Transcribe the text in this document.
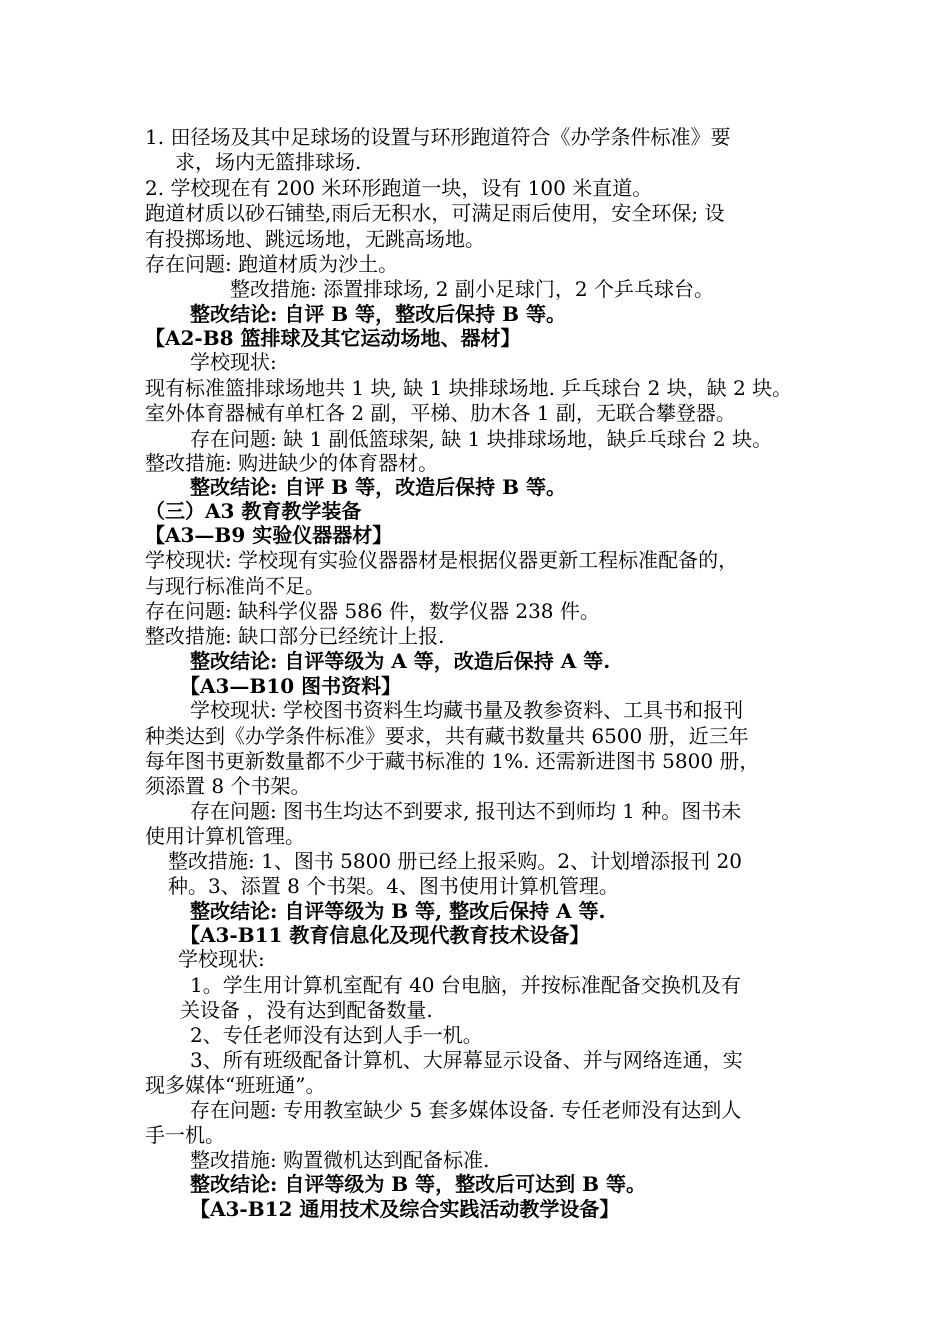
1. 田径场及其中足球场的设置与环形跑道符合《办学条件标准》要
求，场内无篮排球场.
2. 学校现在有 200 米环形跑道一块，设有 100 米直道。
跑道材质以砂石铺垫,雨后无积水，可满足雨后使用，安全环保; 设
有投掷场地、跳远场地，无跳高场地。
存在问题: 跑道材质为沙土。
整改措施: 添置排球场, 2 副小足球门，2 个乒乓球台。
整改结论: 自评 B 等，整改后保持 B 等。
【A2-B8 篮排球及其它运动场地、器材】
学校现状:
现有标准篮排球场地共 1 块, 缺 1 块排球场地. 乒乓球台 2 块，缺 2 块。
室外体育器械有单杠各 2 副，平梯、肋木各 1 副，无联合攀登器。
存在问题: 缺 1 副低篮球架, 缺 1 块排球场地，缺乒乓球台 2 块。
整改措施: 购进缺少的体育器材。
整改结论: 自评 B 等，改造后保持 B 等。
（三）A3 教育教学装备
【A3—B9 实验仪器器材】
学校现状: 学校现有实验仪器器材是根据仪器更新工程标准配备的，
与现行标准尚不足。
存在问题: 缺科学仪器 586 件，数学仪器 238 件。
整改措施: 缺口部分已经统计上报.
整改结论: 自评等级为 A 等，改造后保持 A 等.
【A3—B10 图书资料】
学校现状: 学校图书资料生均藏书量及教参资料、工具书和报刊
种类达到《办学条件标准》要求，共有藏书数量共 6500 册，近三年
每年图书更新数量都不少于藏书标准的 1%. 还需新进图书 5800 册，
须添置 8 个书架。
存在问题: 图书生均达不到要求, 报刊达不到师均 1 种。图书未
使用计算机管理。
整改措施: 1、图书 5800 册已经上报采购。2、计划增添报刊 20
种。3、添置 8 个书架。4、图书使用计算机管理。
整改结论: 自评等级为 B 等, 整改后保持 A 等.
【A3-B11 教育信息化及现代教育技术设备】
学校现状:
1。学生用计算机室配有 40 台电脑，并按标准配备交换机及有
关设备 ，没有达到配备数量.
2、专任老师没有达到人手一机。
3、所有班级配备计算机、大屏幕显示设备、并与网络连通，实
现多媒体“班班通”。
存在问题: 专用教室缺少 5 套多媒体设备. 专任老师没有达到人
手一机。
整改措施: 购置微机达到配备标准.
整改结论: 自评等级为 B 等，整改后可达到 B 等。
【A3-B12 通用技术及综合实践活动教学设备】
